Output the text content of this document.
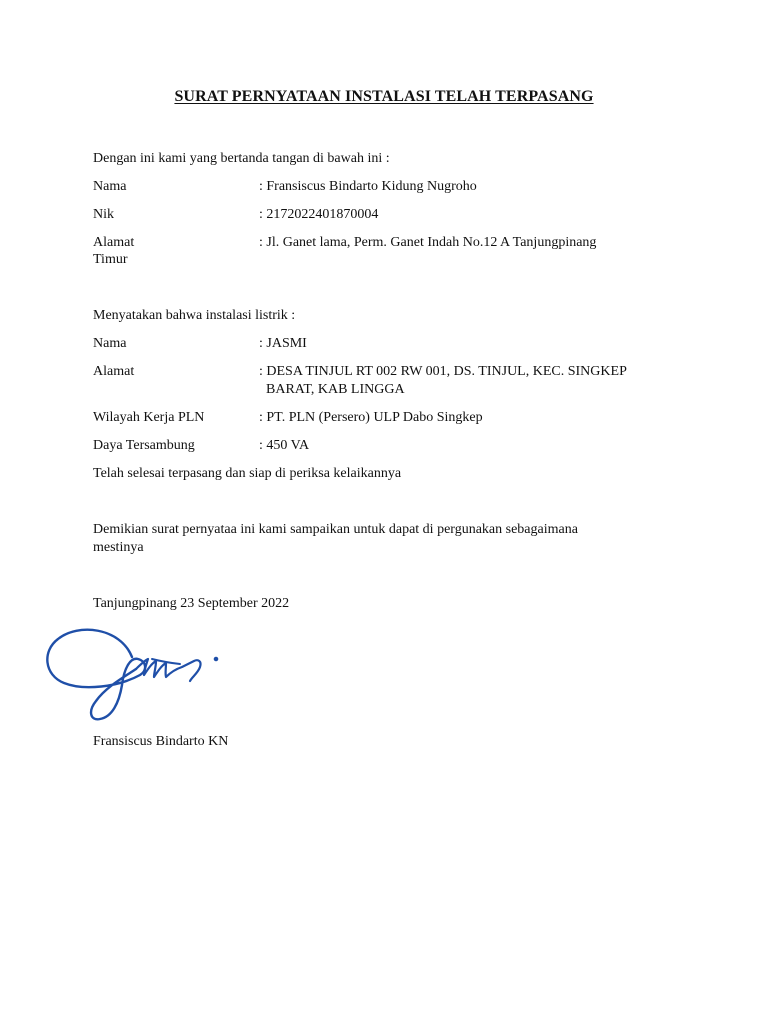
SURAT PERNYATAAN INSTALASI TELAH TERPASANG
Dengan ini kami yang bertanda tangan di bawah ini :
Nama	: Fransiscus Bindarto Kidung Nugroho
Nik	: 2172022401870004
Alamat	: Jl. Ganet lama, Perm. Ganet Indah No.12 A Tanjungpinang
Timur
Menyatakan bahwa instalasi listrik :
Nama	: JASMI
Alamat	: DESA TINJUL RT 002 RW 001, DS. TINJUL, KEC. SINGKEP
BARAT, KAB LINGGA
Wilayah Kerja PLN	: PT. PLN (Persero) ULP Dabo Singkep
Daya Tersambung	: 450 VA
Telah selesai terpasang dan siap di periksa kelaikannya
Demikian surat pernyataa ini kami sampaikan untuk dapat di pergunakan sebagaimana
mestinya
Tanjungpinang 23 September 2022
Fransiscus Bindarto KN
